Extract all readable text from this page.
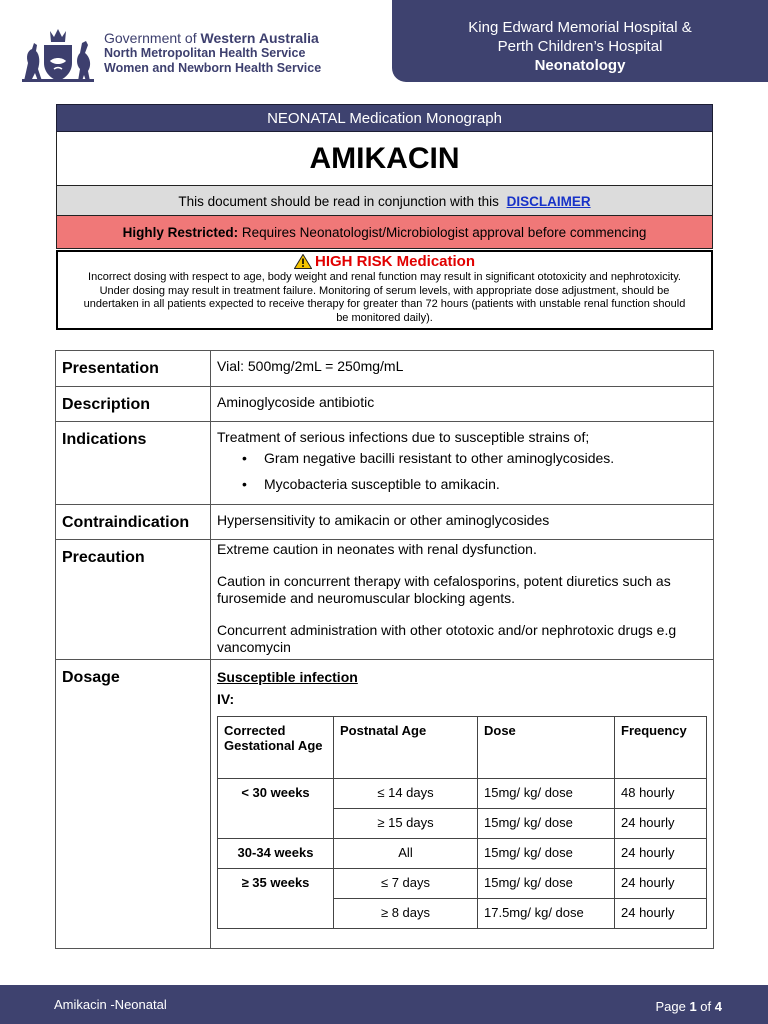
Government of Western Australia
North Metropolitan Health Service
Women and Newborn Health Service
King Edward Memorial Hospital &
Perth Children’s Hospital
Neonatology
NEONATAL Medication Monograph
AMIKACIN
This document should be read in conjunction with this DISCLAIMER
Highly Restricted: Requires Neonatologist/Microbiologist approval before commencing
HIGH RISK Medication
Incorrect dosing with respect to age, body weight and renal function may result in significant ototoxicity and nephrotoxicity. Under dosing may result in treatment failure. Monitoring of serum levels, with appropriate dose adjustment, should be undertaken in all patients expected to receive therapy for greater than 72 hours (patients with unstable renal function should be monitored daily).
Presentation	Vial: 500mg/2mL = 250mg/mL
Description	Aminoglycoside antibiotic
Indications	Treatment of serious infections due to susceptible strains of;
• Gram negative bacilli resistant to other aminoglycosides.
• Mycobacteria susceptible to amikacin.

Contraindication	Hypersensitivity to amikacin or other aminoglycosides
Precaution	Extreme caution in neonates with renal dysfunction.
Caution in concurrent therapy with cefalosporins, potent diuretics such as furosemide and neuromuscular blocking agents.
Concurrent administration with other ototoxic and/or nephrotoxic drugs e.g vancomycin

Dosage	Susceptible infection
IV:
Corrected Gestational Age	Postnatal Age	Dose	Frequency
< 30 weeks	≤ 14 days	15mg/ kg/ dose	48 hourly
≥ 15 days	15mg/ kg/ dose	24 hourly
30-34 weeks	All	15mg/ kg/ dose	24 hourly
≥ 35 weeks	≤ 7 days	15mg/ kg/ dose	24 hourly
≥ 8 days	17.5mg/ kg/ dose	24 hourly
Amikacin -Neonatal	Page 1 of 4
